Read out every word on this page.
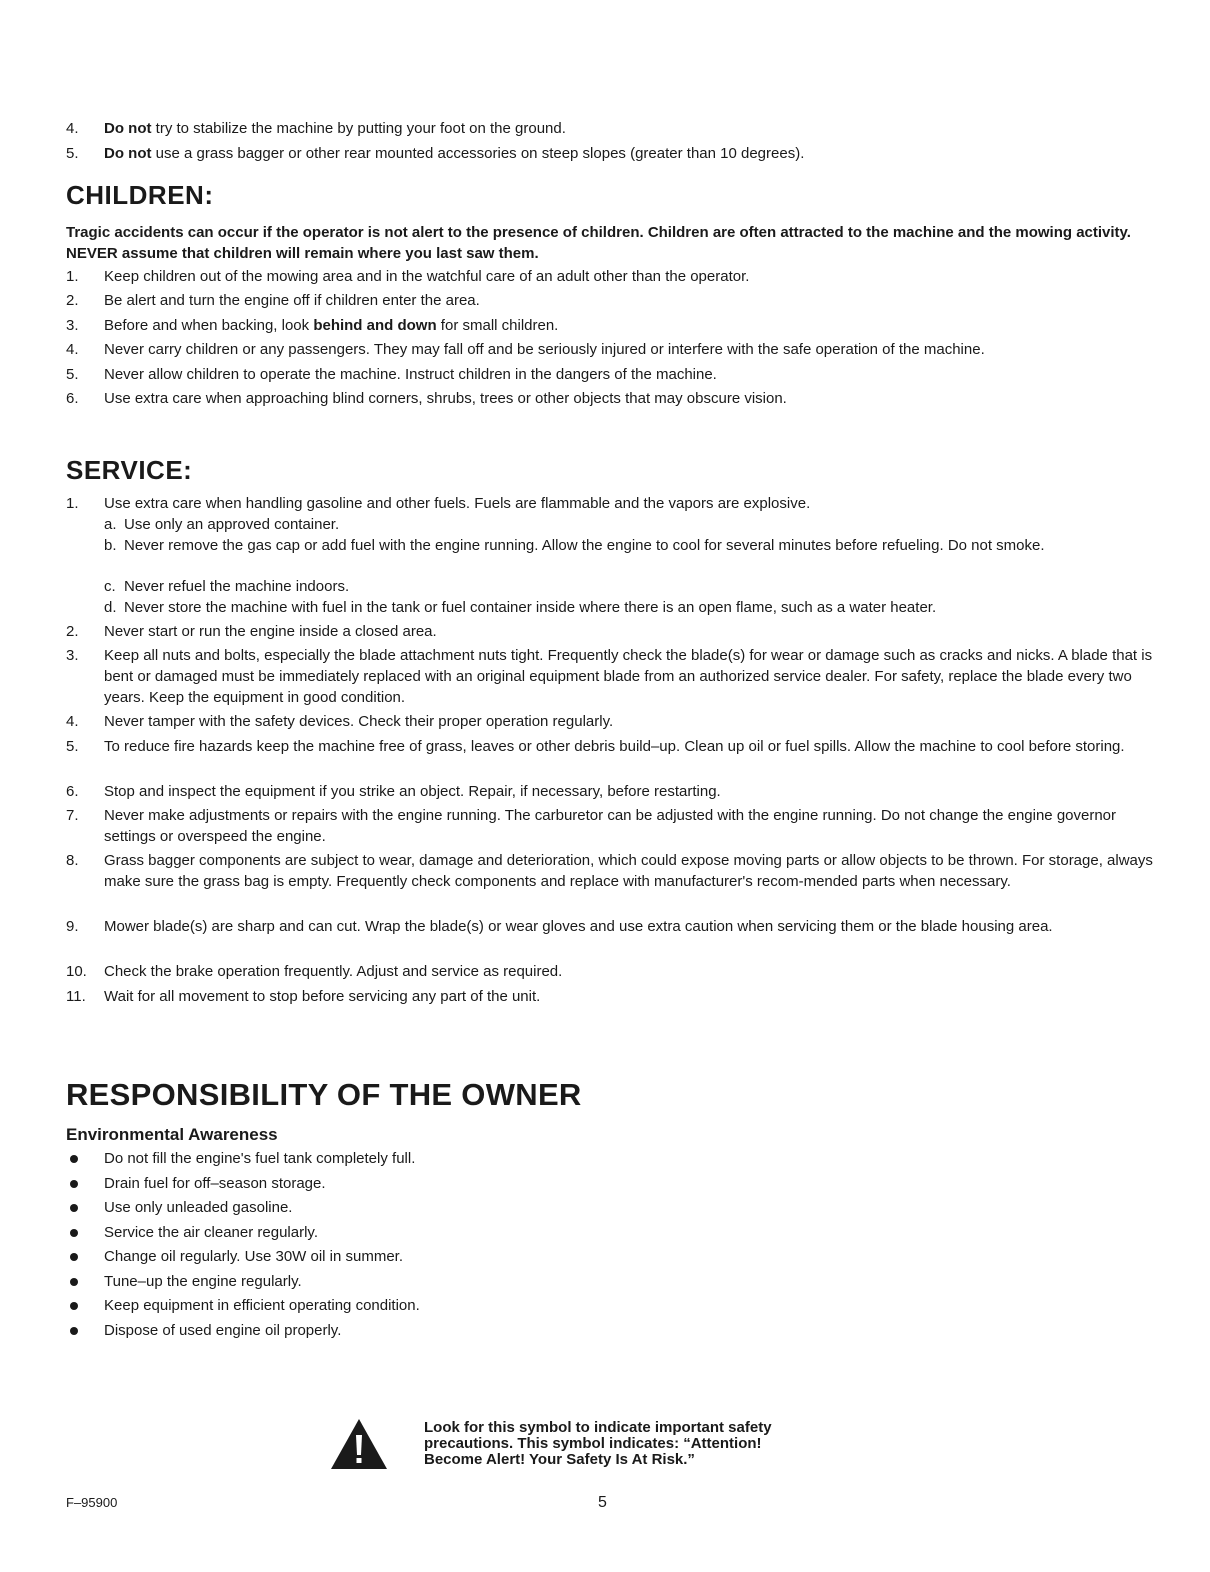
4.	Do not try to stabilize the machine by putting your foot on the ground.
5.	Do not use a grass bagger or other rear mounted accessories on steep slopes (greater than 10 degrees).
CHILDREN:
Tragic accidents can occur if the operator is not alert to the presence of children. Children are often attracted to the machine and the mowing activity. NEVER assume that children will remain where you last saw them.
1.	Keep children out of the mowing area and in the watchful care of an adult other than the operator.
2.	Be alert and turn the engine off if children enter the area.
3.	Before and when backing, look behind and down for small children.
4.	Never carry children or any passengers. They may fall off and be seriously injured or interfere with the safe operation of the machine.
5.	Never allow children to operate the machine. Instruct children in the dangers of the machine.
6.	Use extra care when approaching blind corners, shrubs, trees or other objects that may obscure vision.
SERVICE:
1.	Use extra care when handling gasoline and other fuels. Fuels are flammable and the vapors are explosive.
a. Use only an approved container.
b. Never remove the gas cap or add fuel with the engine running. Allow the engine to cool for several minutes before refueling. Do not smoke.
c. Never refuel the machine indoors.
d. Never store the machine with fuel in the tank or fuel container inside where there is an open flame, such as a water heater.
2.	Never start or run the engine inside a closed area.
3.	Keep all nuts and bolts, especially the blade attachment nuts tight. Frequently check the blade(s) for wear or damage such as cracks and nicks. A blade that is bent or damaged must be immediately replaced with an original equipment blade from an authorized service dealer. For safety, replace the blade every two years. Keep the equipment in good condition.
4.	Never tamper with the safety devices. Check their proper operation regularly.
5.	To reduce fire hazards keep the machine free of grass, leaves or other debris build–up. Clean up oil or fuel spills. Allow the machine to cool before storing.
6.	Stop and inspect the equipment if you strike an object. Repair, if necessary, before restarting.
7.	Never make adjustments or repairs with the engine running. The carburetor can be adjusted with the engine running. Do not change the engine governor settings or overspeed the engine.
8.	Grass bagger components are subject to wear, damage and deterioration, which could expose moving parts or allow objects to be thrown. For storage, always make sure the grass bag is empty. Frequently check components and replace with manufacturer's recom-mended parts when necessary.
9.	Mower blade(s) are sharp and can cut. Wrap the blade(s) or wear gloves and use extra caution when servicing them or the blade housing area.
10.	Check the brake operation frequently. Adjust and service as required.
11.	Wait for all movement to stop before servicing any part of the unit.
RESPONSIBILITY OF THE OWNER
Environmental Awareness
Do not fill the engine's fuel tank completely full.
Drain fuel for off–season storage.
Use only unleaded gasoline.
Service the air cleaner regularly.
Change oil regularly. Use 30W oil in summer.
Tune–up the engine regularly.
Keep equipment in efficient operating condition.
Dispose of used engine oil properly.
Look for this symbol to indicate important safety
precautions. This symbol indicates: “Attention!
Become Alert! Your Safety Is At Risk.”
F–95900	5
